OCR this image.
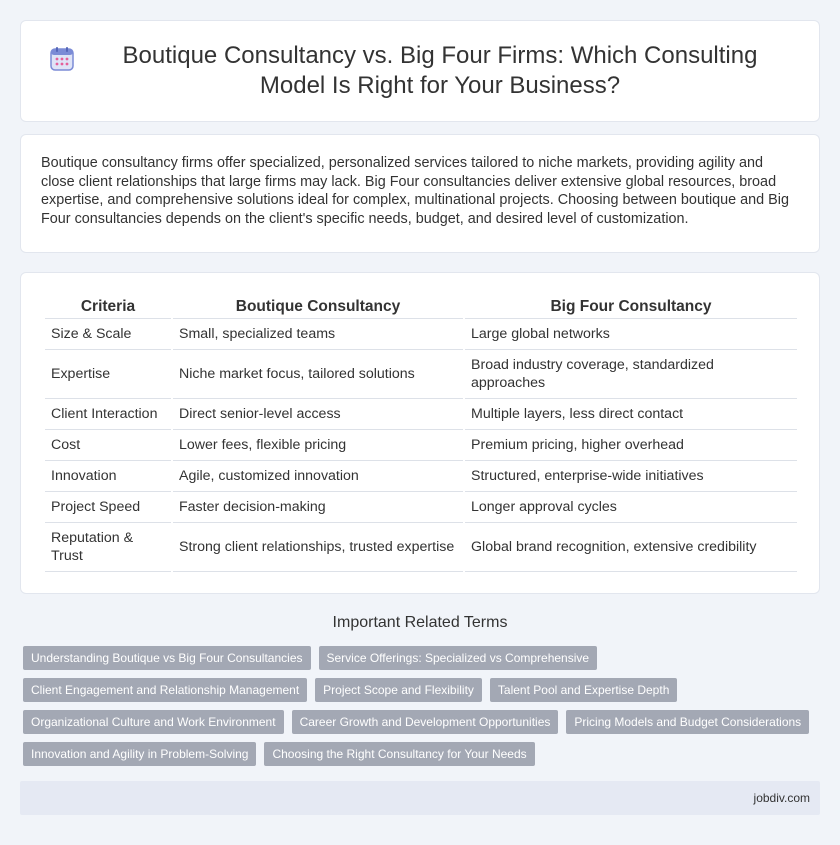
Boutique Consultancy vs. Big Four Firms: Which Consulting Model Is Right for Your Business?

Boutique consultancy firms offer specialized, personalized services tailored to niche markets, providing agility and close client relationships that large firms may lack. Big Four consultancies deliver extensive global resources, broad expertise, and comprehensive solutions ideal for complex, multinational projects. Choosing between boutique and Big Four consultancies depends on the client's specific needs, budget, and desired level of customization.

Criteria	Boutique Consultancy	Big Four Consultancy
Size & Scale	Small, specialized teams	Large global networks
Expertise	Niche market focus, tailored solutions	Broad industry coverage, standardized approaches
Client Interaction	Direct senior-level access	Multiple layers, less direct contact
Cost	Lower fees, flexible pricing	Premium pricing, higher overhead
Innovation	Agile, customized innovation	Structured, enterprise-wide initiatives
Project Speed	Faster decision-making	Longer approval cycles
Reputation & Trust	Strong client relationships, trusted expertise	Global brand recognition, extensive credibility
Important Related Terms
Understanding Boutique vs Big Four Consultancies	Service Offerings: Specialized vs Comprehensive
Client Engagement and Relationship Management	Project Scope and Flexibility	Talent Pool and Expertise Depth
Organizational Culture and Work Environment	Career Growth and Development Opportunities	Pricing Models and Budget Considerations
Innovation and Agility in Problem-Solving	Choosing the Right Consultancy for Your Needs
jobdiv.com
